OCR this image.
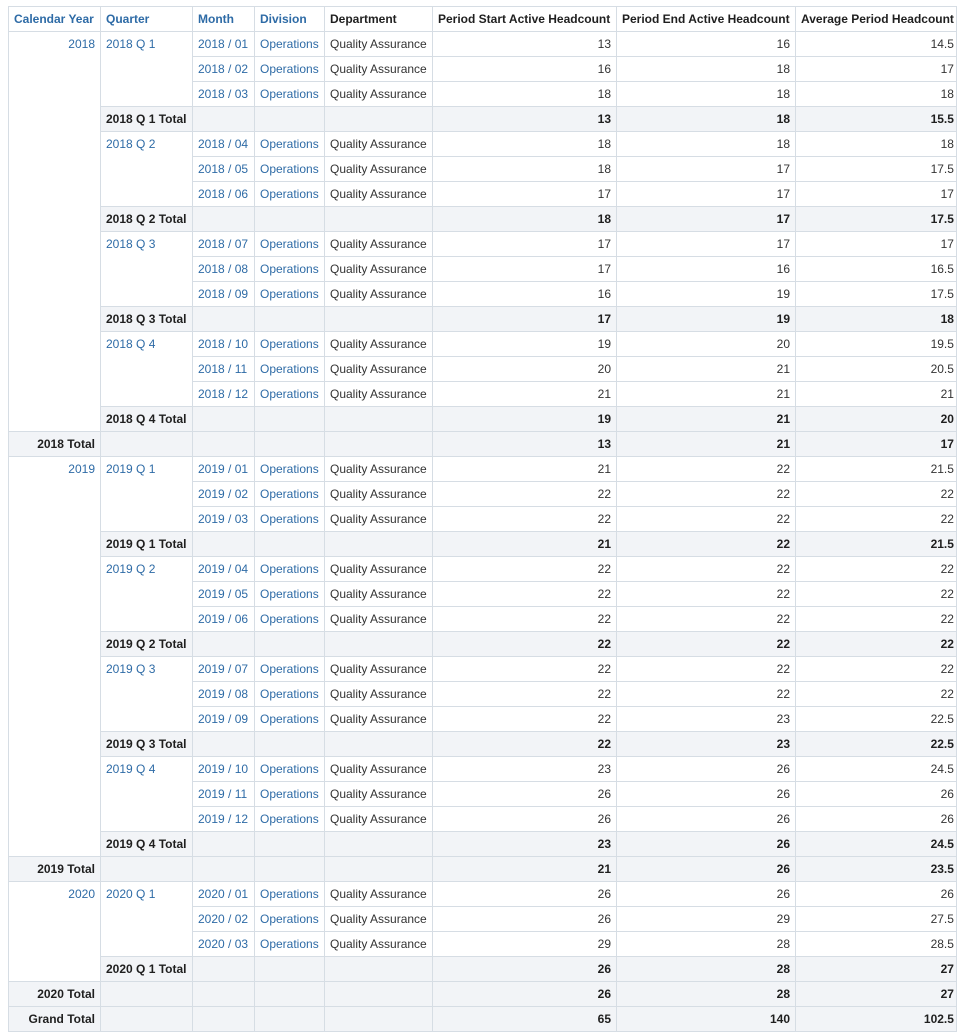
Calendar Year	Quarter	Month	Division	Department	Period Start Active Headcount	Period End Active Headcount	Average Period Headcount
2018	2018 Q 1	2018 / 01	Operations	Quality Assurance	13	16	14.5
		2018 / 02	Operations	Quality Assurance	16	18	17
		2018 / 03	Operations	Quality Assurance	18	18	18
	2018 Q 1 Total				13	18	15.5
	2018 Q 2	2018 / 04	Operations	Quality Assurance	18	18	18
		2018 / 05	Operations	Quality Assurance	18	17	17.5
		2018 / 06	Operations	Quality Assurance	17	17	17
	2018 Q 2 Total				18	17	17.5
	2018 Q 3	2018 / 07	Operations	Quality Assurance	17	17	17
		2018 / 08	Operations	Quality Assurance	17	16	16.5
		2018 / 09	Operations	Quality Assurance	16	19	17.5
	2018 Q 3 Total				17	19	18
	2018 Q 4	2018 / 10	Operations	Quality Assurance	19	20	19.5
		2018 / 11	Operations	Quality Assurance	20	21	20.5
		2018 / 12	Operations	Quality Assurance	21	21	21
	2018 Q 4 Total				19	21	20
2018 Total					13	21	17
2019	2019 Q 1	2019 / 01	Operations	Quality Assurance	21	22	21.5
		2019 / 02	Operations	Quality Assurance	22	22	22
		2019 / 03	Operations	Quality Assurance	22	22	22
	2019 Q 1 Total				21	22	21.5
	2019 Q 2	2019 / 04	Operations	Quality Assurance	22	22	22
		2019 / 05	Operations	Quality Assurance	22	22	22
		2019 / 06	Operations	Quality Assurance	22	22	22
	2019 Q 2 Total				22	22	22
	2019 Q 3	2019 / 07	Operations	Quality Assurance	22	22	22
		2019 / 08	Operations	Quality Assurance	22	22	22
		2019 / 09	Operations	Quality Assurance	22	23	22.5
	2019 Q 3 Total				22	23	22.5
	2019 Q 4	2019 / 10	Operations	Quality Assurance	23	26	24.5
		2019 / 11	Operations	Quality Assurance	26	26	26
		2019 / 12	Operations	Quality Assurance	26	26	26
	2019 Q 4 Total				23	26	24.5
2019 Total					21	26	23.5
2020	2020 Q 1	2020 / 01	Operations	Quality Assurance	26	26	26
		2020 / 02	Operations	Quality Assurance	26	29	27.5
		2020 / 03	Operations	Quality Assurance	29	28	28.5
	2020 Q 1 Total				26	28	27
2020 Total					26	28	27
Grand Total					65	140	102.5
